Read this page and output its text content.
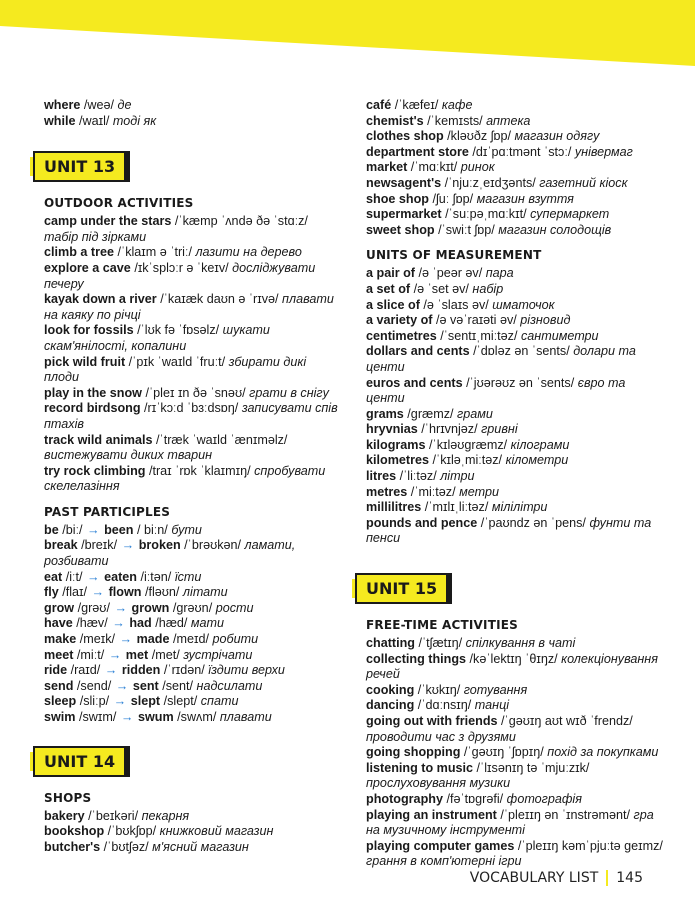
where /weə/ де
while /waɪl/ тоді як
UNIT 13
OUTDOOR ACTIVITIES
camp under the stars /ˈkæmp ˈʌndə ðə ˈstɑːz/ табір під зірками
climb a tree /ˈklaɪm ə ˈtriː/ лазити на дерево
explore a cave /ɪkˈsplɔːr ə ˈkeɪv/ досліджувати печеру
kayak down a river /ˈkaɪæk daʊn ə ˈrɪvə/ плавати на каяку по річці
look for fossils /ˈlʊk fə ˈfɒsəlz/ шукати скам'янілості, копалини
pick wild fruit /ˈpɪk ˈwaɪld ˈfruːt/ збирати дикі плоди
play in the snow /ˈpleɪ ɪn ðə ˈsnəʊ/ грати в снігу
record birdsong /rɪˈkɔːd ˈbɜːdsɒŋ/ записувати спів птахів
track wild animals /ˈtræk ˈwaɪld ˈænɪməlz/ вистежувати диких тварин
try rock climbing /traɪ ˈrɒk ˈklaɪmɪŋ/ спробувати скелелазіння
PAST PARTICIPLES
be /biː/ → been / biːn/ бути
break /breɪk/ → broken /ˈbrəʊkən/ ламати, розбивати
eat /iːt/ → eaten /iːtən/ їсти
fly /flaɪ/ → flown /fləʊn/ літати
grow /grəʊ/ → grown /grəʊn/ рости
have /hæv/ → had /hæd/ мати
make /meɪk/ → made /meɪd/ робити
meet /miːt/ → met /met/ зустрічати
ride /raɪd/ → ridden /ˈrɪdən/ їздити верхи
send /send/ → sent /sent/ надсилати
sleep /sliːp/ → slept /slept/ спати
swim /swɪm/ → swum /swʌm/ плавати
UNIT 14
SHOPS
bakery /ˈbeɪkəri/ пекарня
bookshop /ˈbʊkʃɒp/ книжковий магазин
butcher's /ˈbʊtʃəz/ м'ясний магазин
café /ˈkæfeɪ/ кафе
chemist's /ˈkemɪsts/ аптека
clothes shop /kləʊðz ʃɒp/ магазин одягу
department store /dɪˈpɑːtmənt ˈstɔː/ універмаг
market /ˈmɑːkɪt/ ринок
newsagent's /ˈnjuːzˌeɪdʒənts/ газетний кіоск
shoe shop /ʃuː ʃɒp/ магазин взуття
supermarket /ˈsuːpəˌmɑːkɪt/ супермаркет
sweet shop /ˈswiːt ʃɒp/ магазин солодощів
UNITS OF MEASUREMENT
a pair of /ə ˈpeər əv/ пара
a set of /ə ˈset əv/ набір
a slice of /ə ˈslaɪs əv/ шматочок
a variety of /ə vəˈraɪəti əv/ різновид
centimetres /ˈsentɪˌmiːtəz/ сантиметри
dollars and cents /ˈdɒləz ən ˈsents/ долари та центи
euros and cents /ˈjʊərəʊz ən ˈsents/ євро та центи
grams /græmz/ грами
hryvnias /ˈhrɪvnjəz/ гривні
kilograms /ˈkɪləʊgræmz/ кілограми
kilometres /ˈkɪləˌmiːtəz/ кілометри
litres /ˈliːtəz/ літри
metres /ˈmiːtəz/ метри
millilitres /ˈmɪlɪˌliːtəz/ мілілітри
pounds and pence /ˈpaʊndz ən ˈpens/ фунти та пенси
UNIT 15
FREE-TIME ACTIVITIES
chatting /ˈtʃætɪŋ/ спілкування в чаті
collecting things /kəˈlektɪŋ ˈθɪŋz/ колекціонування речей
cooking /ˈkʊkɪŋ/ готування
dancing /ˈdɑːnsɪŋ/ танці
going out with friends /ˈgəʊɪŋ aʊt wɪð ˈfrendz/ проводити час з друзями
going shopping /ˈgəʊɪŋ ˈʃɒpɪŋ/ похід за покупками
listening to music /ˈlɪsənɪŋ tə ˈmjuːzɪk/ прослуховування музики
photography /fəˈtɒgrəfi/ фотографія
playing an instrument /ˈpleɪɪŋ ən ˈɪnstrəmənt/ гра на музичному інструменті
playing computer games /ˈpleɪɪŋ kəmˈpjuːtə geɪmz/ грання в комп'ютерні ігри
VOCABULARY LIST	145
